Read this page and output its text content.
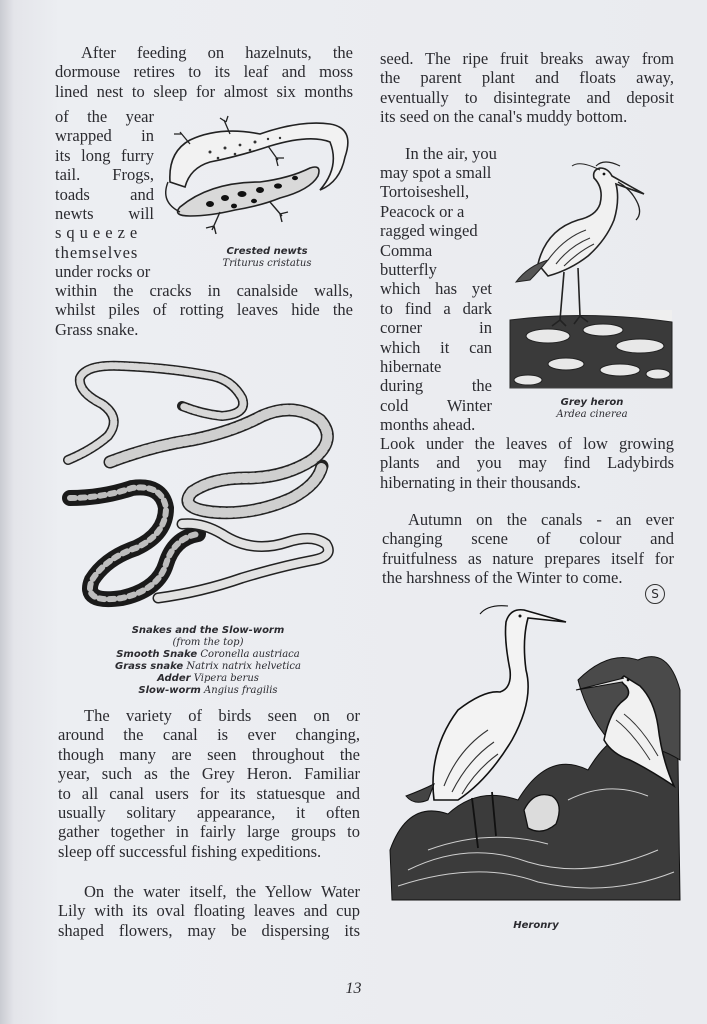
After feeding on hazelnuts, the
dormouse retires to its leaf and moss
lined nest to sleep for almost six months
of the year
wrapped in
its long furry
tail. Frogs,
toads and
newts will
squeeze
themselves
under rocks or
within the cracks in canalside walls,
whilst piles of rotting leaves hide the
Grass snake.
The variety of birds seen on or
around the canal is ever changing,
though many are seen throughout the
year, such as the Grey Heron. Familiar
to all canal users for its statuesque and
usually solitary appearance, it often
gather together in fairly large groups to
sleep off successful fishing expeditions.
On the water itself, the Yellow Water
Lily with its oval floating leaves and cup
shaped flowers, may be dispersing its
seed. The ripe fruit breaks away from
the parent plant and floats away,
eventually to disintegrate and deposit
its seed on the canal's muddy bottom.
In the air, you
may spot a small
Tortoiseshell,
Peacock or a
ragged winged
Comma
butterfly
which has yet
to find a dark
corner in
which it can
hibernate
during the
cold Winter
months ahead.
Look under the leaves of low growing
plants and you may find Ladybirds
hibernating in their thousands.
Autumn on the canals - an ever
changing scene of colour and
fruitfulness as nature prepares itself for
the harshness of the Winter to come.
Crested newts
Triturus cristatus
Grey heron
Ardea cinerea
Snakes and the Slow-worm
(from the top)
Smooth Snake Coronella austriaca
Grass snake Natrix natrix helvetica
Adder Vipera berus
Slow-worm Angius fragilis
S
Heronry
13
